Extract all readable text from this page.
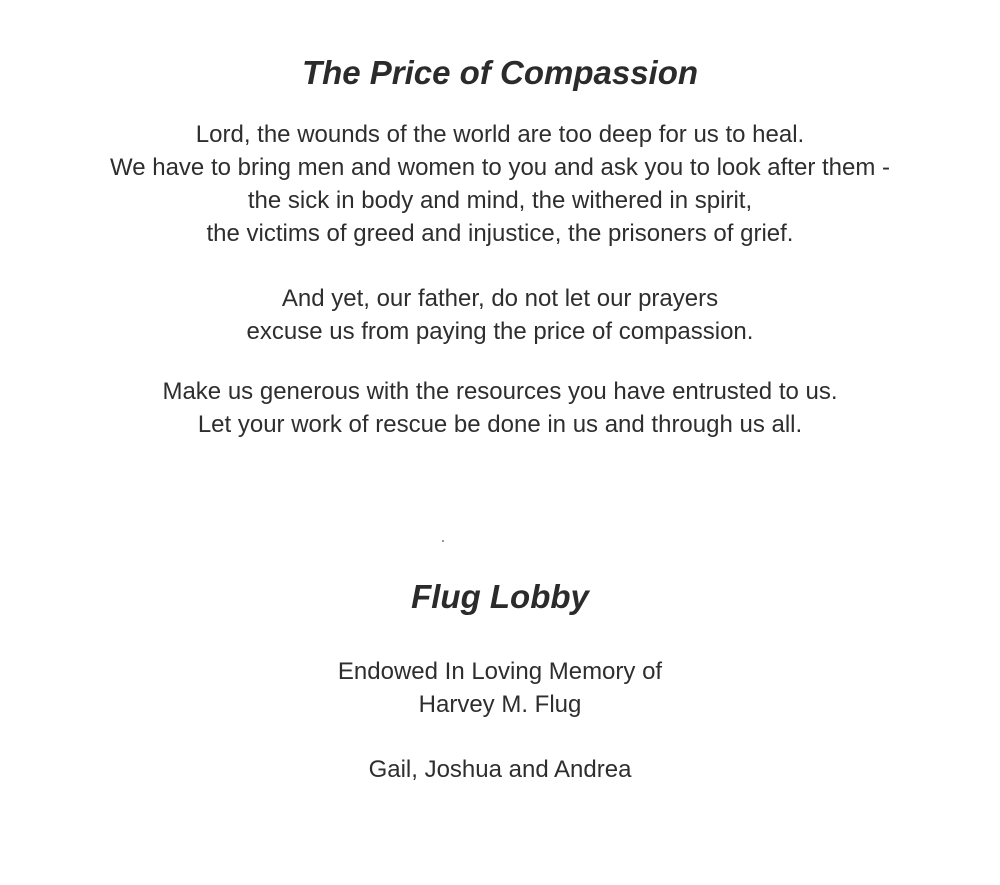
The Price of Compassion
Lord, the wounds of the world are too deep for us to heal.
We have to bring men and women to you and ask you to look after them -
the sick in body and mind, the withered in spirit,
the victims of greed and injustice, the prisoners of grief.
And yet, our father, do not let our prayers
excuse us from paying the price of compassion.
Make us generous with the resources you have entrusted to us.
Let your work of rescue be done in us and through us all.
Flug Lobby
Endowed In Loving Memory of
Harvey M. Flug
Gail, Joshua and Andrea
